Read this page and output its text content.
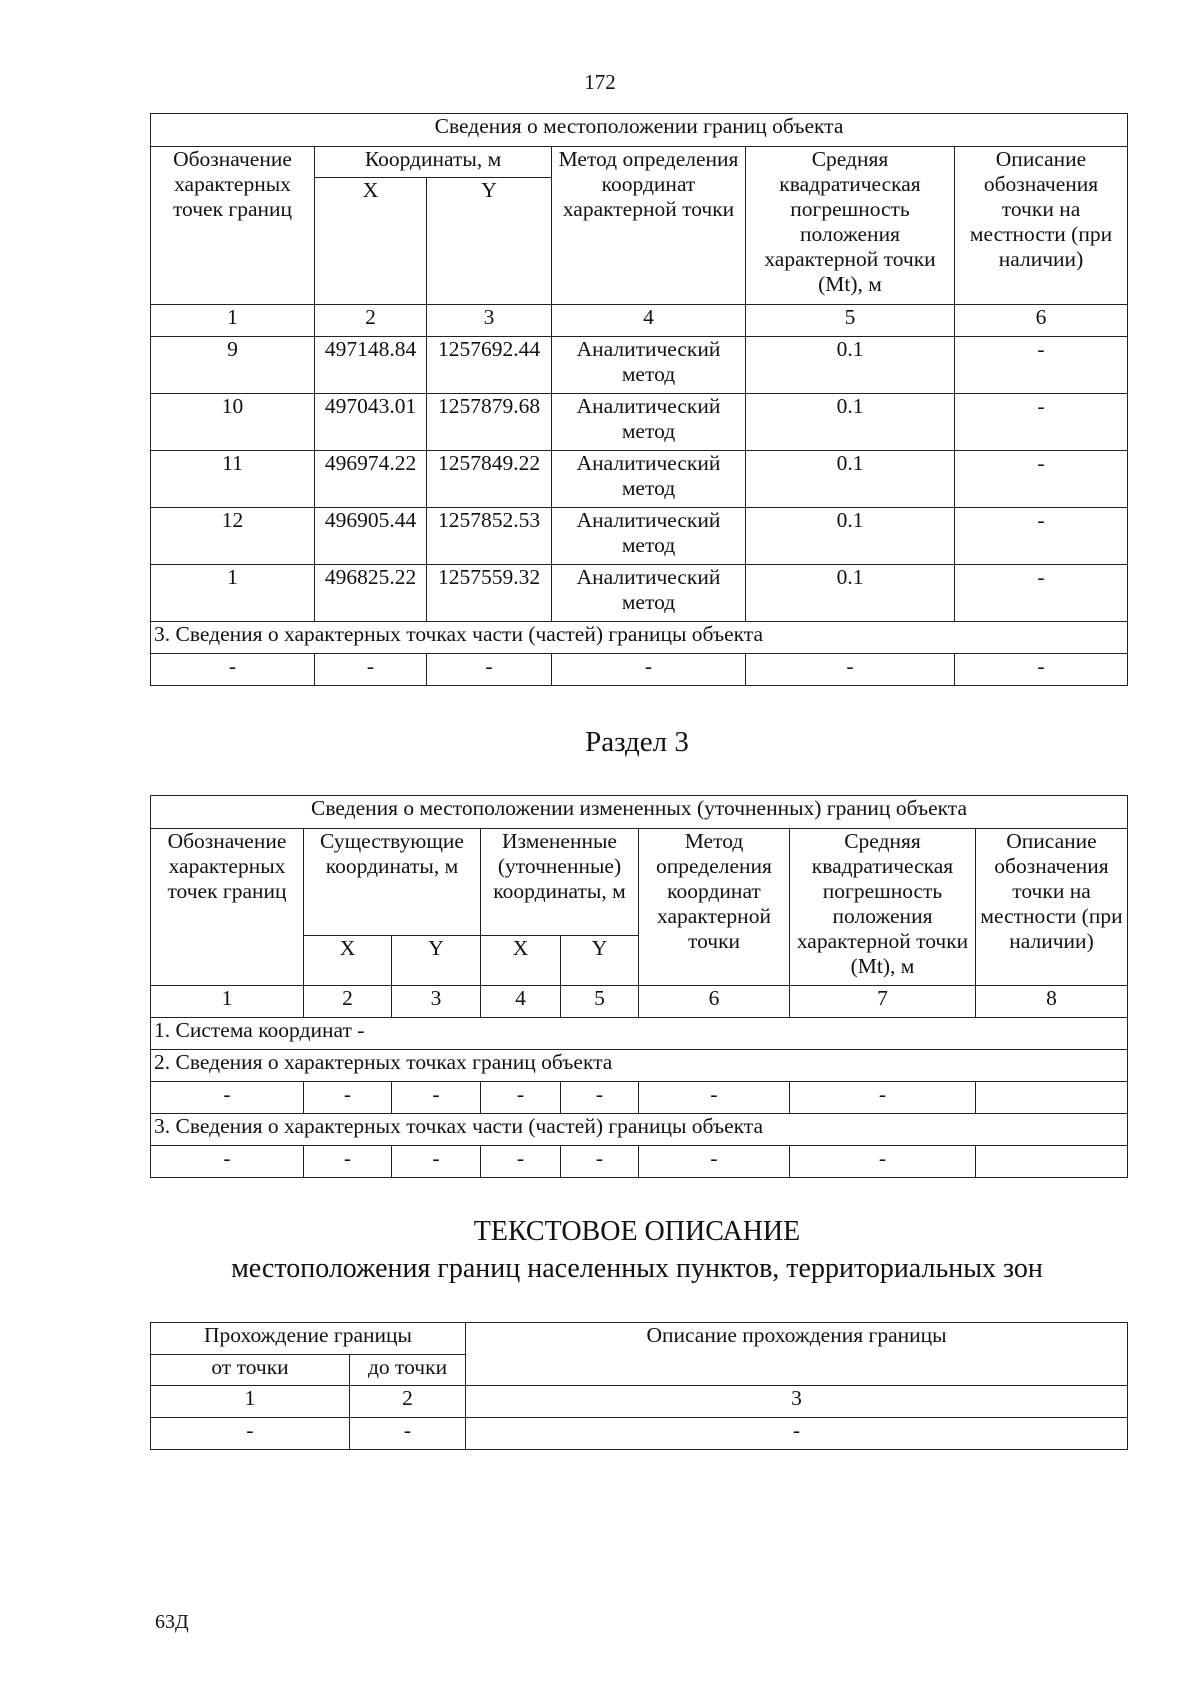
172
Сведения о местоположении границ объекта					
Обозначение характерных точек границ	Координаты, м		Метод определения координат характерной точки	Средняя квадратическая погрешность положения характерной точки (Mt), м	Описание обозначения точки на местности (при наличии)
	X	Y			
1	2	3	4	5	6
9	497148.84	1257692.44	Аналитический метод	0.1	-
10	497043.01	1257879.68	Аналитический метод	0.1	-
11	496974.22	1257849.22	Аналитический метод	0.1	-
12	496905.44	1257852.53	Аналитический метод	0.1	-
1	496825.22	1257559.32	Аналитический метод	0.1	-
3. Сведения о характерных точках части (частей) границы объекта					
-	-	-	-	-	-
Раздел 3
Сведения о местоположении измененных (уточненных) границ объекта							
Обозначение характерных точек границ	Существующие координаты, м		Измененные (уточненные) координаты, м		Метод определения координат характерной точки	Средняя квадратическая погрешность положения характерной точки (Mt), м	Описание обозначения точки на местности (при наличии)
	X	Y	X	Y			
1	2	3	4	5	6	7	8
1. Система координат -							
2. Сведения о характерных точках границ объекта							
-	-	-	-	-	-	-	
3. Сведения о характерных точках части (частей) границы объекта							
-	-	-	-	-	-	-	
ТЕКСТОВОЕ ОПИСАНИЕ
местоположения границ населенных пунктов, территориальных зон
Прохождение границы		Описание прохождения границы
от точки	до точки	
1	2	3
-	-	-
63Д
